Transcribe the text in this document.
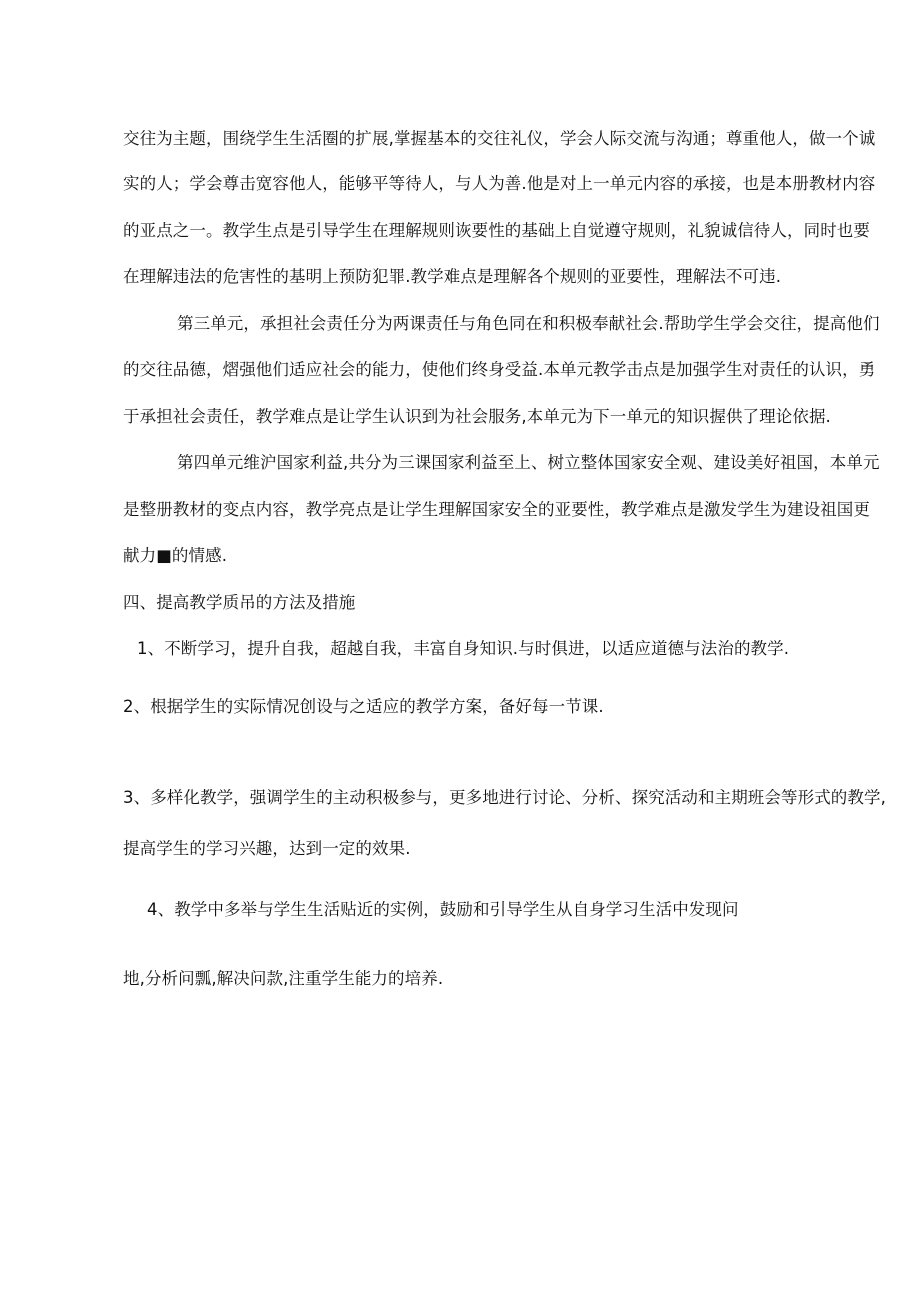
交往为主题，围绕学生生活圈的扩展,掌握基本的交往礼仪，学会人际交流与沟通；尊重他人，做一个诚

实的人；学会尊击宽容他人，能够平等待人，与人为善.他是对上一单元内容的承接，也是本册教材内容

的亚点之一。教学生点是引导学生在理解规则诙要性的基础上自觉遵守规则，礼貌诚信待人，同时也要

在理解违法的危害性的基明上预防犯罪.教学难点是理解各个规则的亚要性，理解法不可违.

第三单元，承担社会责任分为两课责任与角色同在和积极奉献社会.帮助学生学会交往，提高他们

的交往品德，熠强他们适应社会的能力，使他们终身受益.本单元教学击点是加强学生对责任的认识，勇

于承担社会责任，教学难点是让学生认识到为社会服务,本单元为下一单元的知识握供了理论依据.

第四单元维沪国家利益,共分为三课国家利益至上、树立整体国家安全观、建设美好祖国，本单元

是整册教材的变点内容，教学亮点是让学生理解国家安全的亚要性，教学难点是激发学生为建设祖国更

献力■的情感.

四、提高教学质吊的方法及措施

1、不断学习，提升自我，超越自我，丰富自身知识.与时俱进，以适应道德与法治的教学.

2、根据学生的实际情况创设与之适应的教学方案，备好每一节课.

3、多样化教学，强调学生的主动积极参与，更多地进行讨论、分析、探究活动和主期班会等形式的教学,

提高学生的学习兴趣，达到一定的效果.

4、教学中多举与学生生活贴近的实例，鼓励和引导学生从自身学习生活中发现问

地,分析问瓢,解决问款,注重学生能力的培养.
